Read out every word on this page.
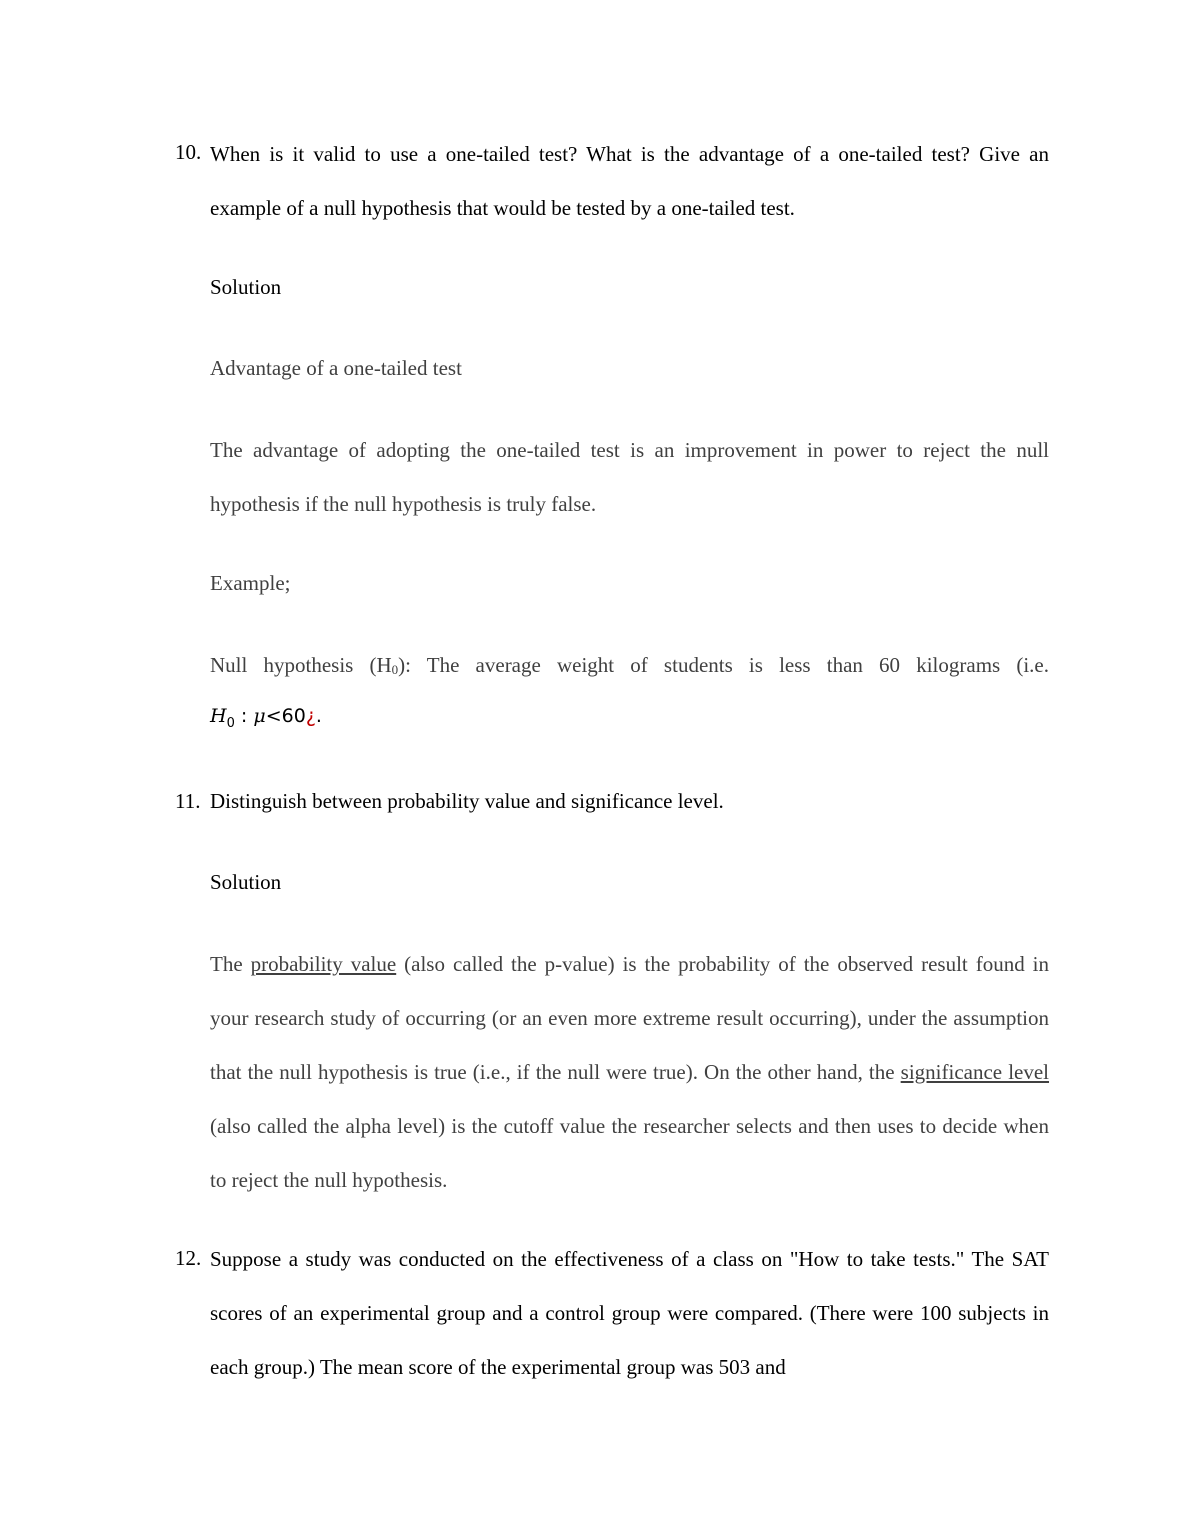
10. When is it valid to use a one-tailed test? What is the advantage of a one-tailed test? Give an example of a null hypothesis that would be tested by a one-tailed test.

Solution
Advantage of a one-tailed test

The advantage of adopting the one-tailed test is an improvement in power to reject the null hypothesis if the null hypothesis is truly false.

Example;
Null hypothesis (H0): The average weight of students is less than 60 kilograms (i.e.
$H_0$ : μ<60¿.
11. Distinguish between probability value and significance level.
Solution

The probability value (also called the p-value) is the probability of the observed result found in your research study of occurring (or an even more extreme result occurring), under the assumption that the null hypothesis is true (i.e., if the null were true). On the other hand, the significance level (also called the alpha level) is the cutoff value the researcher selects and then uses to decide when to reject the null hypothesis.

12. Suppose a study was conducted on the effectiveness of a class on "How to take tests." The SAT scores of an experimental group and a control group were compared. (There were 100 subjects in each group.) The mean score of the experimental group was 503 and
